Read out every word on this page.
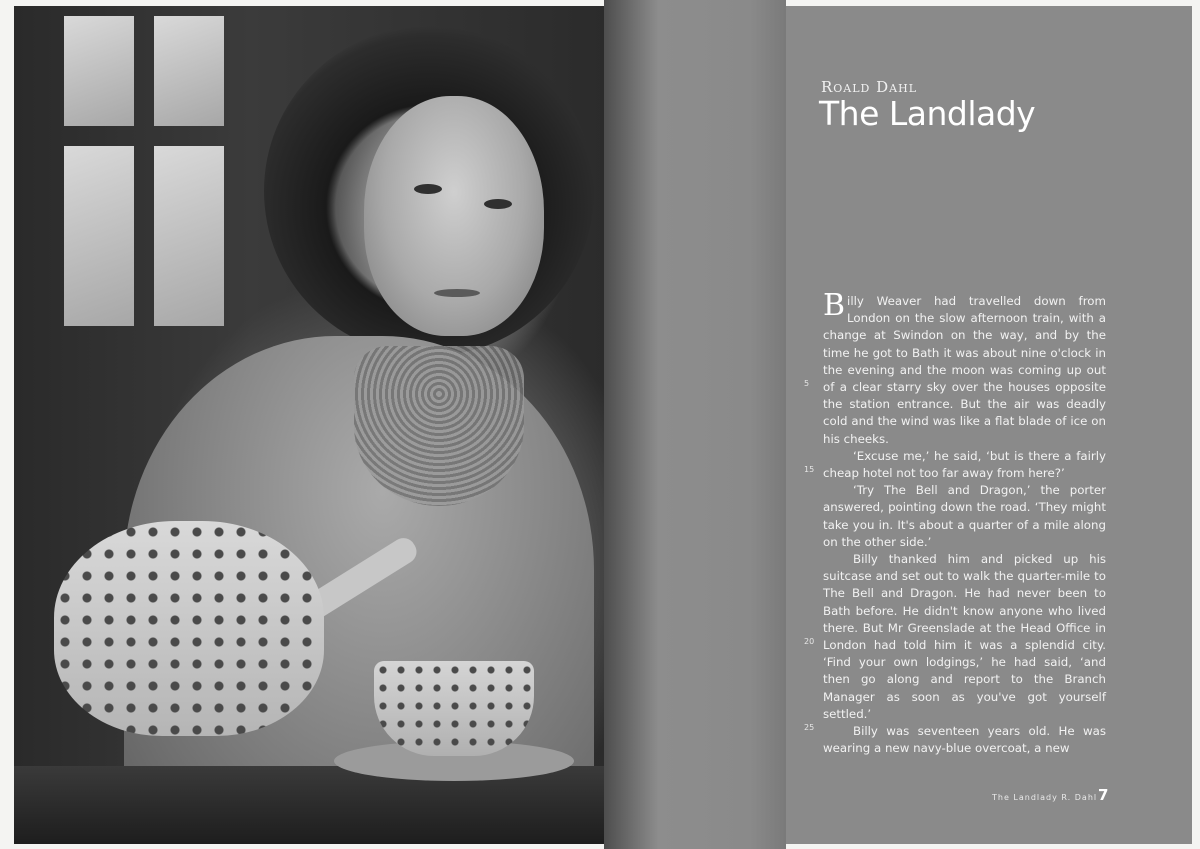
Roald Dahl
The Landlady

Billy Weaver had travelled down from London on the slow afternoon train, with a change at Swindon on the way, and by the time he got to Bath it was about nine o'clock in the evening and the moon was coming up out of a clear starry sky over the houses opposite the station entrance. But the air was deadly cold and the wind was like a flat blade of ice on his cheeks.

‘Excuse me,’ he said, ‘but is there a fairly cheap hotel not too far away from here?’

‘Try The Bell and Dragon,’ the porter answered, pointing down the road. ‘They might take you in. It's about a quarter of a mile along on the other side.’

Billy thanked him and picked up his suitcase and set out to walk the quarter-mile to The Bell and Dragon. He had never been to Bath before. He didn't know anyone who lived there. But Mr Greenslade at the Head Office in London had told him it was a splendid city. ‘Find your own lodgings,’ he had said, ‘and then go along and report to the Branch Manager as soon as you've got yourself settled.’

Billy was seventeen years old. He was wearing a new navy-blue overcoat, a new

5
15
20
25
The Landlady R. Dahl 7
